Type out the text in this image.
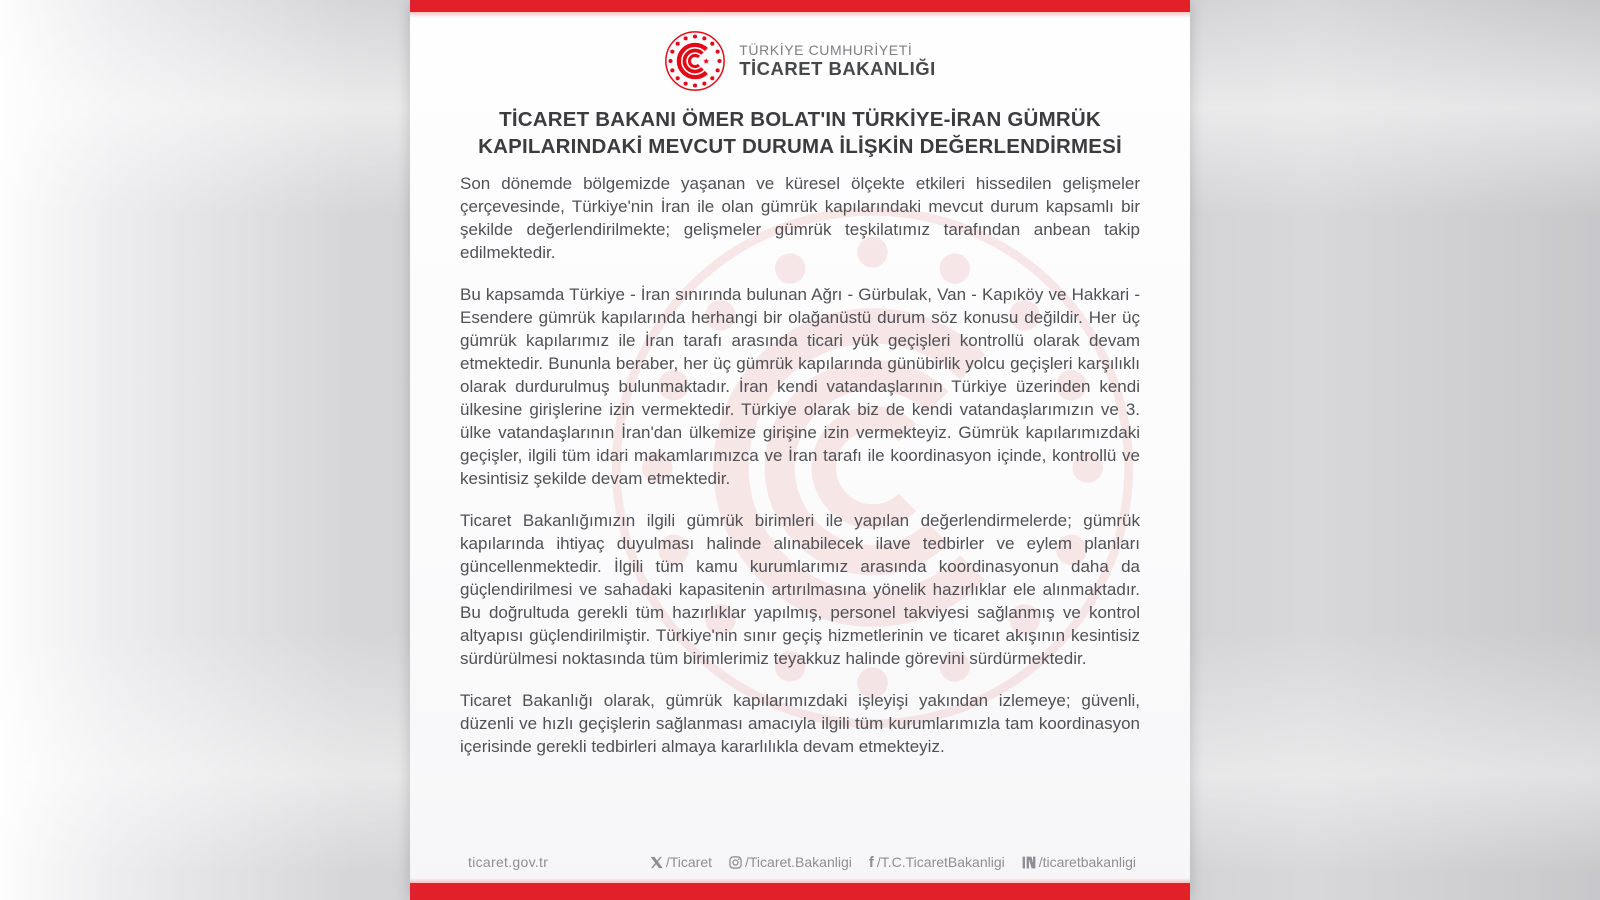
TÜRKİYE CUMHURİYETİ
TİCARET BAKANLIĞI
TİCARET BAKANI ÖMER BOLAT'IN TÜRKİYE-İRAN GÜMRÜK
KAPILARINDAKİ MEVCUT DURUMA İLİŞKİN DEĞERLENDİRMESİ

Son dönemde bölgemizde yaşanan ve küresel ölçekte etkileri hissedilen gelişmeler çerçevesinde, Türkiye'nin İran ile olan gümrük kapılarındaki mevcut durum kapsamlı bir şekilde değerlendirilmekte; gelişmeler gümrük teşkilatımız tarafından anbean takip edilmektedir.

Bu kapsamda Türkiye - İran sınırında bulunan Ağrı - Gürbulak, Van - Kapıköy ve Hakkari - Esendere gümrük kapılarında herhangi bir olağanüstü durum söz konusu değildir. Her üç gümrük kapılarımız ile İran tarafı arasında ticari yük geçişleri kontrollü olarak devam etmektedir. Bununla beraber, her üç gümrük kapılarında günübirlik yolcu geçişleri karşılıklı olarak durdurulmuş bulunmaktadır. İran kendi vatandaşlarının Türkiye üzerinden kendi ülkesine girişlerine izin vermektedir. Türkiye olarak biz de kendi vatandaşlarımızın ve 3. ülke vatandaşlarının İran'dan ülkemize girişine izin vermekteyiz. Gümrük kapılarımızdaki geçişler, ilgili tüm idari makamlarımızca ve İran tarafı ile koordinasyon içinde, kontrollü ve kesintisiz şekilde devam etmektedir.

Ticaret Bakanlığımızın ilgili gümrük birimleri ile yapılan değerlendirmelerde; gümrük kapılarında ihtiyaç duyulması halinde alınabilecek ilave tedbirler ve eylem planları güncellenmektedir. İlgili tüm kamu kurumlarımız arasında koordinasyonun daha da güçlendirilmesi ve sahadaki kapasitenin artırılmasına yönelik hazırlıklar ele alınmaktadır. Bu doğrultuda gerekli tüm hazırlıklar yapılmış, personel takviyesi sağlanmış ve kontrol altyapısı güçlendirilmiştir. Türkiye'nin sınır geçiş hizmetlerinin ve ticaret akışının kesintisiz sürdürülmesi noktasında tüm birimlerimiz teyakkuz halinde görevini sürdürmektedir.

Ticaret Bakanlığı olarak, gümrük kapılarımızdaki işleyişi yakından izlemeye; güvenli, düzenli ve hızlı geçişlerin sağlanması amacıyla ilgili tüm kurumlarımızla tam koordinasyon içerisinde gerekli tedbirleri almaya kararlılıkla devam etmekteyiz.

ticaret.gov.tr	/Ticaret /Ticaret.Bakanligi f /T.C.TicaretBakanligi /ticaretbakanligi
